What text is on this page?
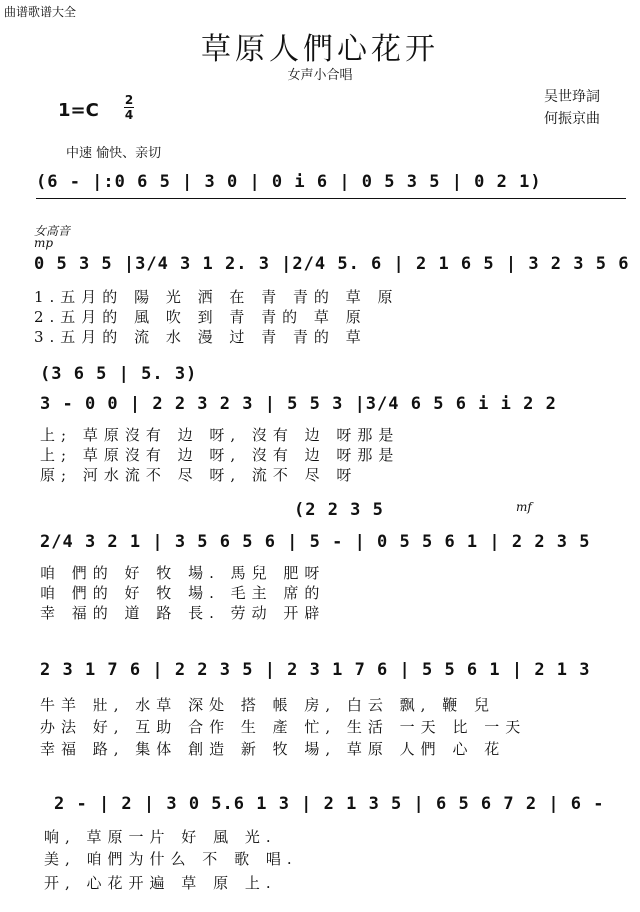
曲谱歌谱大全
草原人們心花开
女声小合唱
吴世琤詞
何振京曲
1=C 2
4
中速 愉快、亲切
(6 - |:0 6 5 | 3 0 | 0 i 6 | 0 5 3 5 | 0 2 1)
女高音
mp
0 5 3 5 |3/4 3 1 2. 3 |2/4 5. 6 | 2 1 6 5 | 3 2 3 5 6
1.五月的 陽 光 洒 在 青 青的 草 原
2.五月的 風 吹 到 青 青的 草 原
3.五月的 流 水 漫 过 青 青的 草
(3 6 5 | 5. 3)
3 - 0 0 | 2 2 3 2 3 | 5 5 3 |3/4 6 5 6 i i 2 2
上; 草原沒有 边 呀, 沒有 边 呀那是
上; 草原沒有 边 呀, 沒有 边 呀那是
原; 河水流不 尽 呀, 流不 尽 呀
(2 2 3 5	mf
2/4 3 2 1 | 3 5 6 5 6 | 5 - | 0 5 5 6 1 | 2 2 3 5
咱 們的 好 牧 場. 馬兒 肥呀
咱 們的 好 牧 場. 毛主 席的
幸 福的 道 路 長. 劳动 开辟
2 3 1 7 6 | 2 2 3 5 | 2 3 1 7 6 | 5 5 6 1 | 2 1 3
牛羊 壯, 水草 深处 搭 帳 房, 白云 飘, 鞭 兒
办法 好, 互助 合作 生 產 忙, 生活 一天 比 一天
幸福 路, 集体 創造 新 牧 場, 草原 人們 心 花
2 - | 2 | 3 0 5.6 1 3 | 2 1 3 5 | 6 5 6 7 2 | 6 -
响, 草原一片 好 風 光.
美, 咱們为什么 不 歌 唱.
开, 心花开遍 草 原 上.
